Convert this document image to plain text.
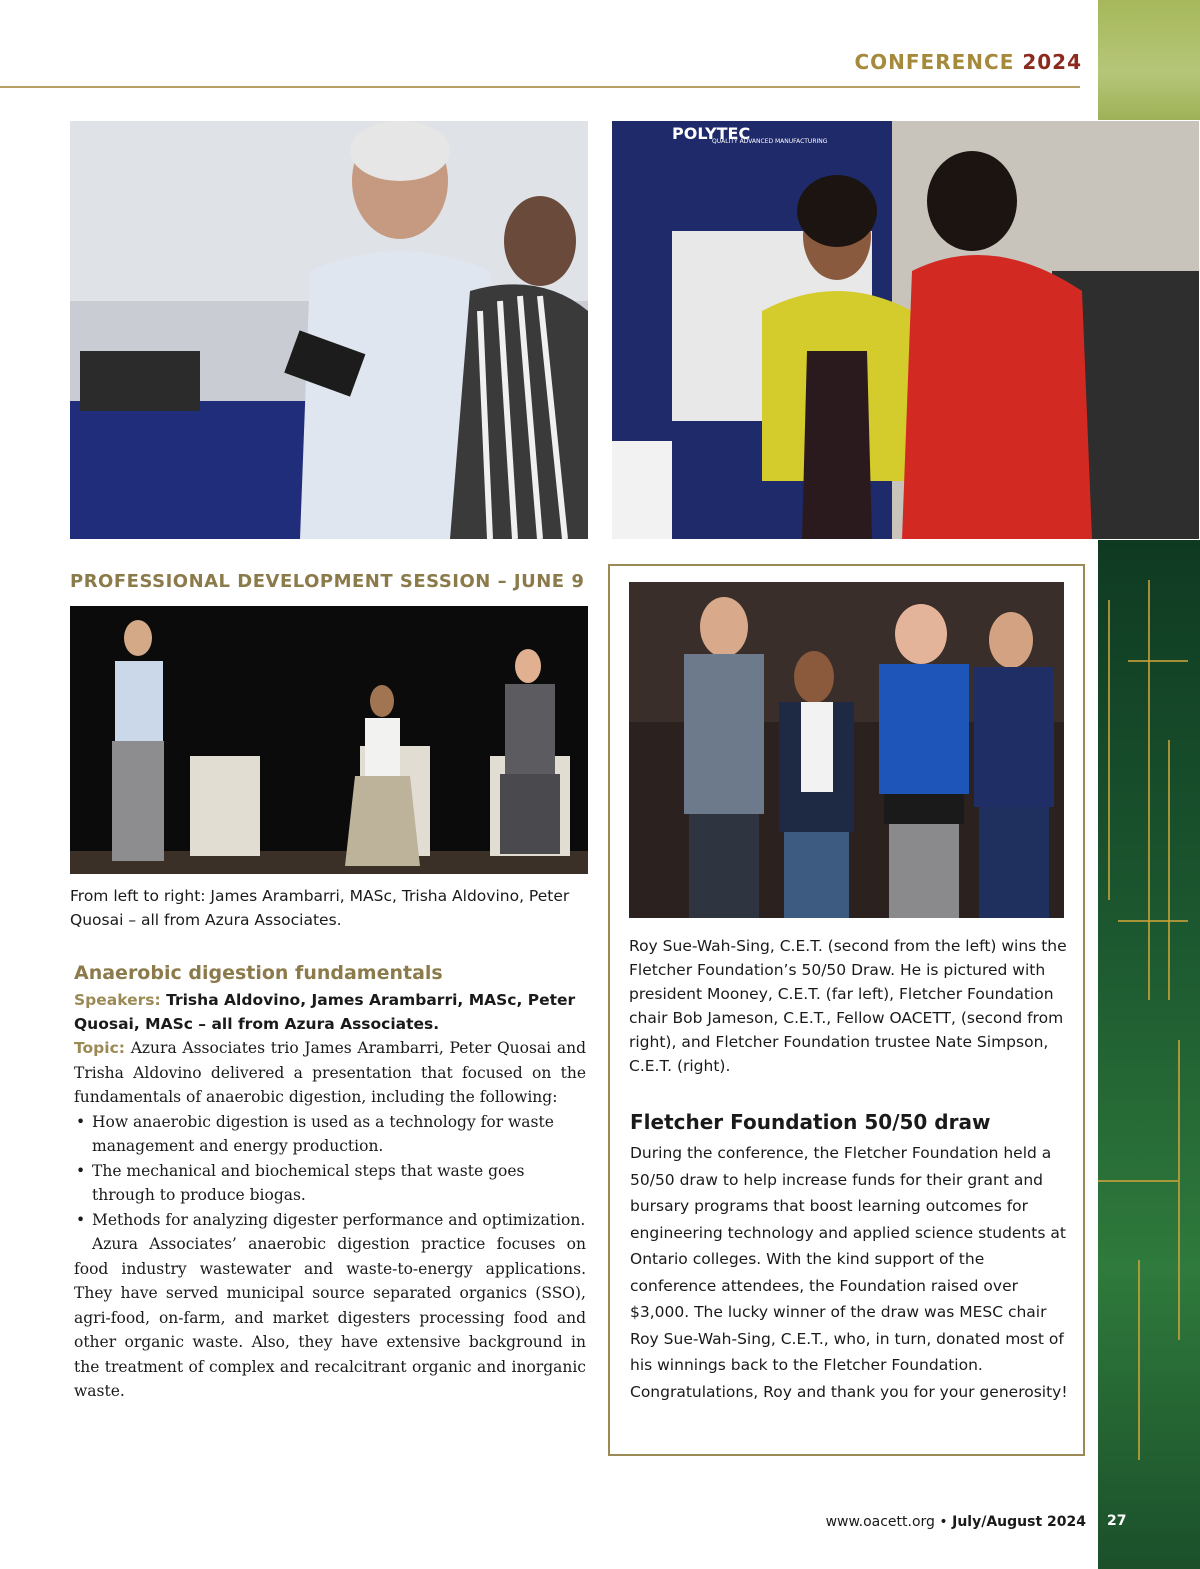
CONFERENCE 2024
POLYTEC
QUALITY ADVANCED MANUFACTURING
PROFESSIONAL DEVELOPMENT SESSION – JUNE 9
From left to right: James Arambarri, MASc, Trisha Aldovino, Peter Quosai – all from Azura Associates.
Anaerobic digestion fundamentals
Speakers: Trisha Aldovino, James Arambarri, MASc, Peter Quosai, MASc – all from Azura Associates.
Topic: Azura Associates trio James Arambarri, Peter Quosai and Trisha Aldovino delivered a presentation that focused on the fundamentals of anaerobic digestion, including the following:
• How anaerobic digestion is used as a technology for waste management and energy production.
• The mechanical and biochemical steps that waste goes through to produce biogas.
• Methods for analyzing digester performance and optimization.
Azura Associates’ anaerobic digestion practice focuses on food industry wastewater and waste-to-energy applications. They have served municipal source separated organics (SSO), agri-food, on-farm, and market digesters processing food and other organic waste. Also, they have extensive background in the treatment of complex and recalcitrant organic and inorganic waste.
Roy Sue-Wah-Sing, C.E.T. (second from the left) wins the Fletcher Foundation’s 50/50 Draw. He is pictured with president Mooney, C.E.T. (far left), Fletcher Foundation chair Bob Jameson, C.E.T., Fellow OACETT, (second from right), and Fletcher Foundation trustee Nate Simpson, C.E.T. (right).
Fletcher Foundation 50/50 draw
During the conference, the Fletcher Foundation held a 50/50 draw to help increase funds for their grant and bursary programs that boost learning outcomes for engineering technology and applied science students at Ontario colleges. With the kind support of the conference attendees, the Foundation raised over $3,000. The lucky winner of the draw was MESC chair Roy Sue-Wah-Sing, C.E.T., who, in turn, donated most of his winnings back to the Fletcher Foundation. Congratulations, Roy and thank you for your generosity!
www.oacett.org • July/August 2024 27
